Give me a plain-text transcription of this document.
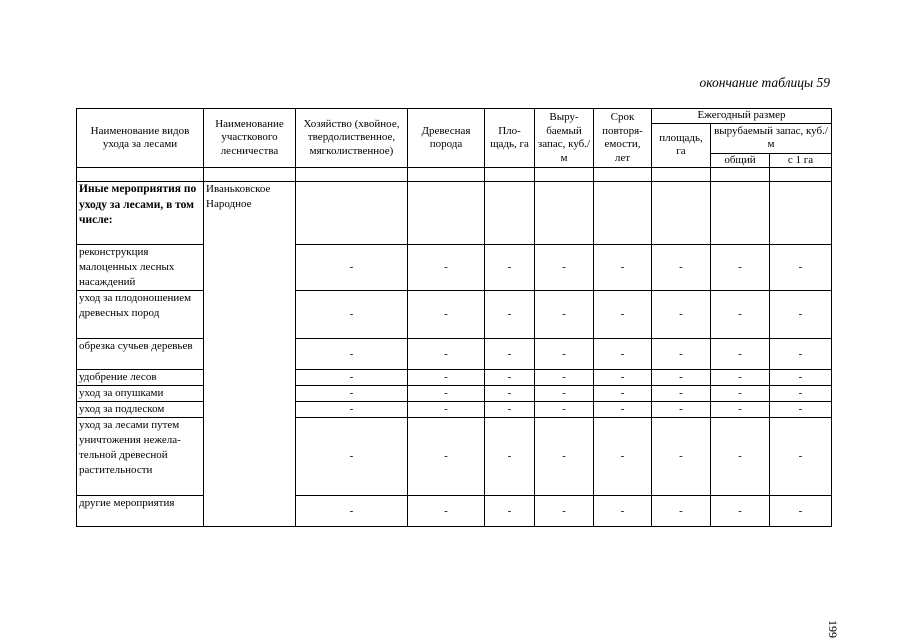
окончание таблицы 59
199
Наименование видов ухода за лесами	Наименование участкового лесничества	Хозяйство (хвойное, твердолиственное, мягколиственное)	Древесная порода	Пло-щадь, га	Выру-баемый запас, куб./м	Срок повторя-емости, лет	Ежегодный размер		
							площадь, га	вырубаемый запас, куб./м	
								общий	с 1 га

Иные мероприятия по уходу за лесами, в том числе:	Иваньковское Народное								
реконструкция малоценных лесных насаждений		-	-	-	-	-	-	-	-
уход за плодоношением древесных пород		-	-	-	-	-	-	-	-
обрезка сучьев деревьев		-	-	-	-	-	-	-	-
удобрение лесов		-	-	-	-	-	-	-	-
уход за опушками		-	-	-	-	-	-	-	-
уход за подлеском		-	-	-	-	-	-	-	-
уход за лесами путем уничтожения нежела-тельной древесной растительности		-	-	-	-	-	-	-	-
другие мероприятия		-	-	-	-	-	-	-	-
